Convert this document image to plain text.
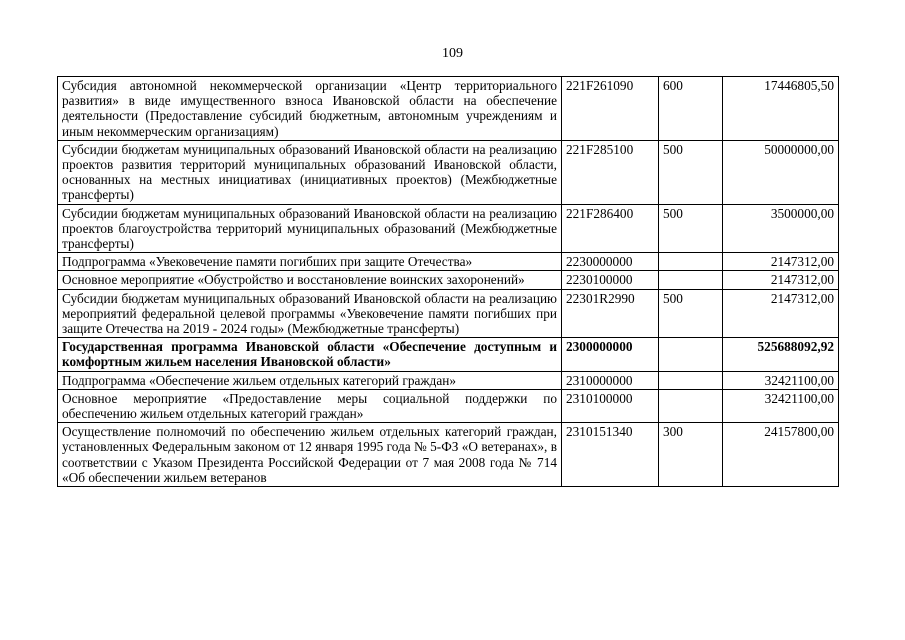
109
Субсидия автономной некоммерческой организации «Центр территориального развития» в виде имущественного взноса Ивановской области на обеспечение деятельности (Предоставление субсидий бюджетным, автономным учреждениям и иным некоммерческим организациям)	221F261090	600	17446805,50
Субсидии бюджетам муниципальных образований Ивановской области на реализацию проектов развития территорий муниципальных образований Ивановской области, основанных на местных инициативах (инициативных проектов) (Межбюджетные трансферты)	221F285100	500	50000000,00
Субсидии бюджетам муниципальных образований Ивановской области на реализацию проектов благоустройства территорий муниципальных образований (Межбюджетные трансферты)	221F286400	500	3500000,00
Подпрограмма «Увековечение памяти погибших при защите Отечества»	2230000000		2147312,00
Основное мероприятие «Обустройство и восстановление воинских захоронений»	2230100000		2147312,00
Субсидии бюджетам муниципальных образований Ивановской области на реализацию мероприятий федеральной целевой программы «Увековечение памяти погибших при защите Отечества на 2019 - 2024 годы» (Межбюджетные трансферты)	22301R2990	500	2147312,00
Государственная программа Ивановской области «Обеспечение доступным и комфортным жильем населения Ивановской области»	2300000000		525688092,92
Подпрограмма «Обеспечение жильем отдельных категорий граждан»	2310000000		32421100,00
Основное мероприятие «Предоставление меры социальной поддержки по обеспечению жильем отдельных категорий граждан»	2310100000		32421100,00
Осуществление полномочий по обеспечению жильем отдельных категорий граждан, установленных Федеральным законом от 12 января 1995 года № 5-ФЗ «О ветеранах», в соответствии с Указом Президента Российской Федерации от 7 мая 2008 года № 714 «Об обеспечении жильем ветеранов	2310151340	300	24157800,00
